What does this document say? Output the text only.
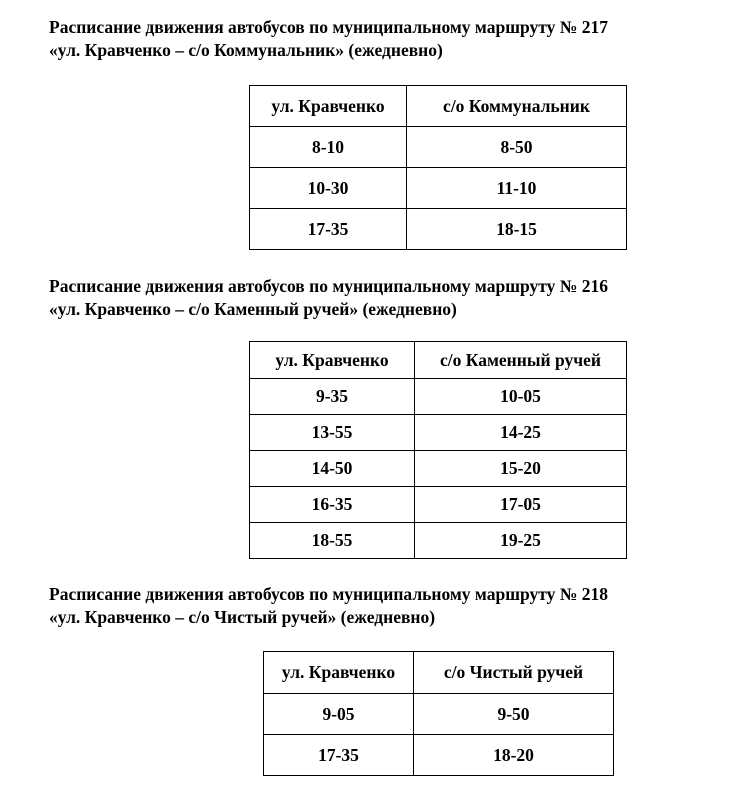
Расписание движения автобусов по муниципальному маршруту № 217
«ул. Кравченко – с/о Коммунальник» (ежедневно)
ул. Кравченко	с/о Коммунальник
8-10	8-50
10-30	11-10
17-35	18-15
Расписание движения автобусов по муниципальному маршруту № 216
«ул. Кравченко – с/о Каменный ручей» (ежедневно)
ул. Кравченко	с/о Каменный ручей
9-35	10-05
13-55	14-25
14-50	15-20
16-35	17-05
18-55	19-25
Расписание движения автобусов по муниципальному маршруту № 218
«ул. Кравченко – с/о Чистый ручей» (ежедневно)
ул. Кравченко	с/о Чистый ручей
9-05	9-50
17-35	18-20
